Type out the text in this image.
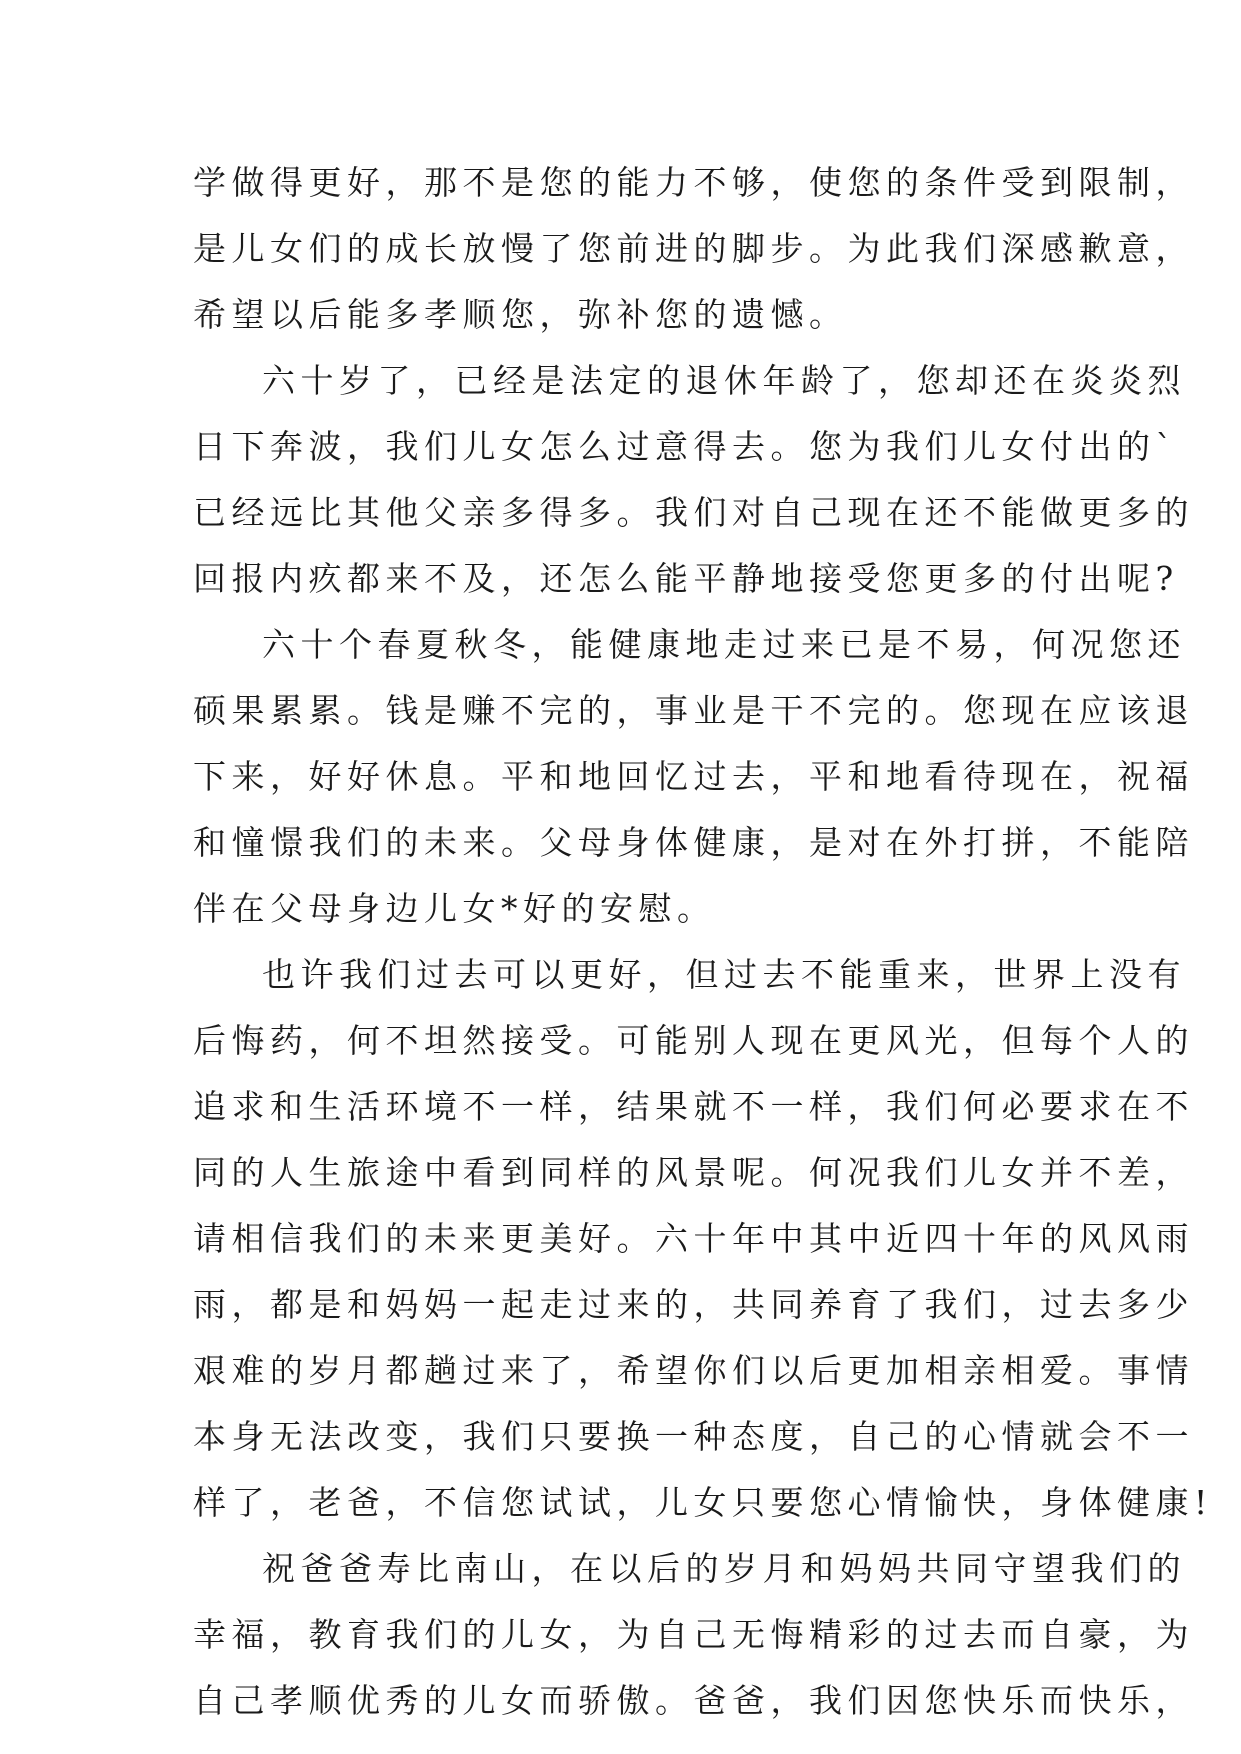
学做得更好，那不是您的能力不够，使您的条件受到限制，
是儿女们的成长放慢了您前进的脚步。为此我们深感歉意，
希望以后能多孝顺您，弥补您的遗憾。
六十岁了，已经是法定的退休年龄了，您却还在炎炎烈
日下奔波，我们儿女怎么过意得去。您为我们儿女付出的`
已经远比其他父亲多得多。我们对自己现在还不能做更多的
回报内疚都来不及，还怎么能平静地接受您更多的付出呢?
六十个春夏秋冬，能健康地走过来已是不易，何况您还
硕果累累。钱是赚不完的，事业是干不完的。您现在应该退
下来，好好休息。平和地回忆过去，平和地看待现在，祝福
和憧憬我们的未来。父母身体健康，是对在外打拼，不能陪
伴在父母身边儿女*好的安慰。
也许我们过去可以更好，但过去不能重来，世界上没有
后悔药，何不坦然接受。可能别人现在更风光，但每个人的
追求和生活环境不一样，结果就不一样，我们何必要求在不
同的人生旅途中看到同样的风景呢。何况我们儿女并不差，
请相信我们的未来更美好。六十年中其中近四十年的风风雨
雨，都是和妈妈一起走过来的，共同养育了我们，过去多少
艰难的岁月都趟过来了，希望你们以后更加相亲相爱。事情
本身无法改变，我们只要换一种态度，自己的心情就会不一
样了，老爸，不信您试试，儿女只要您心情愉快，身体健康!
祝爸爸寿比南山，在以后的岁月和妈妈共同守望我们的
幸福，教育我们的儿女，为自己无悔精彩的过去而自豪，为
自己孝顺优秀的儿女而骄傲。爸爸，我们因您快乐而快乐，
